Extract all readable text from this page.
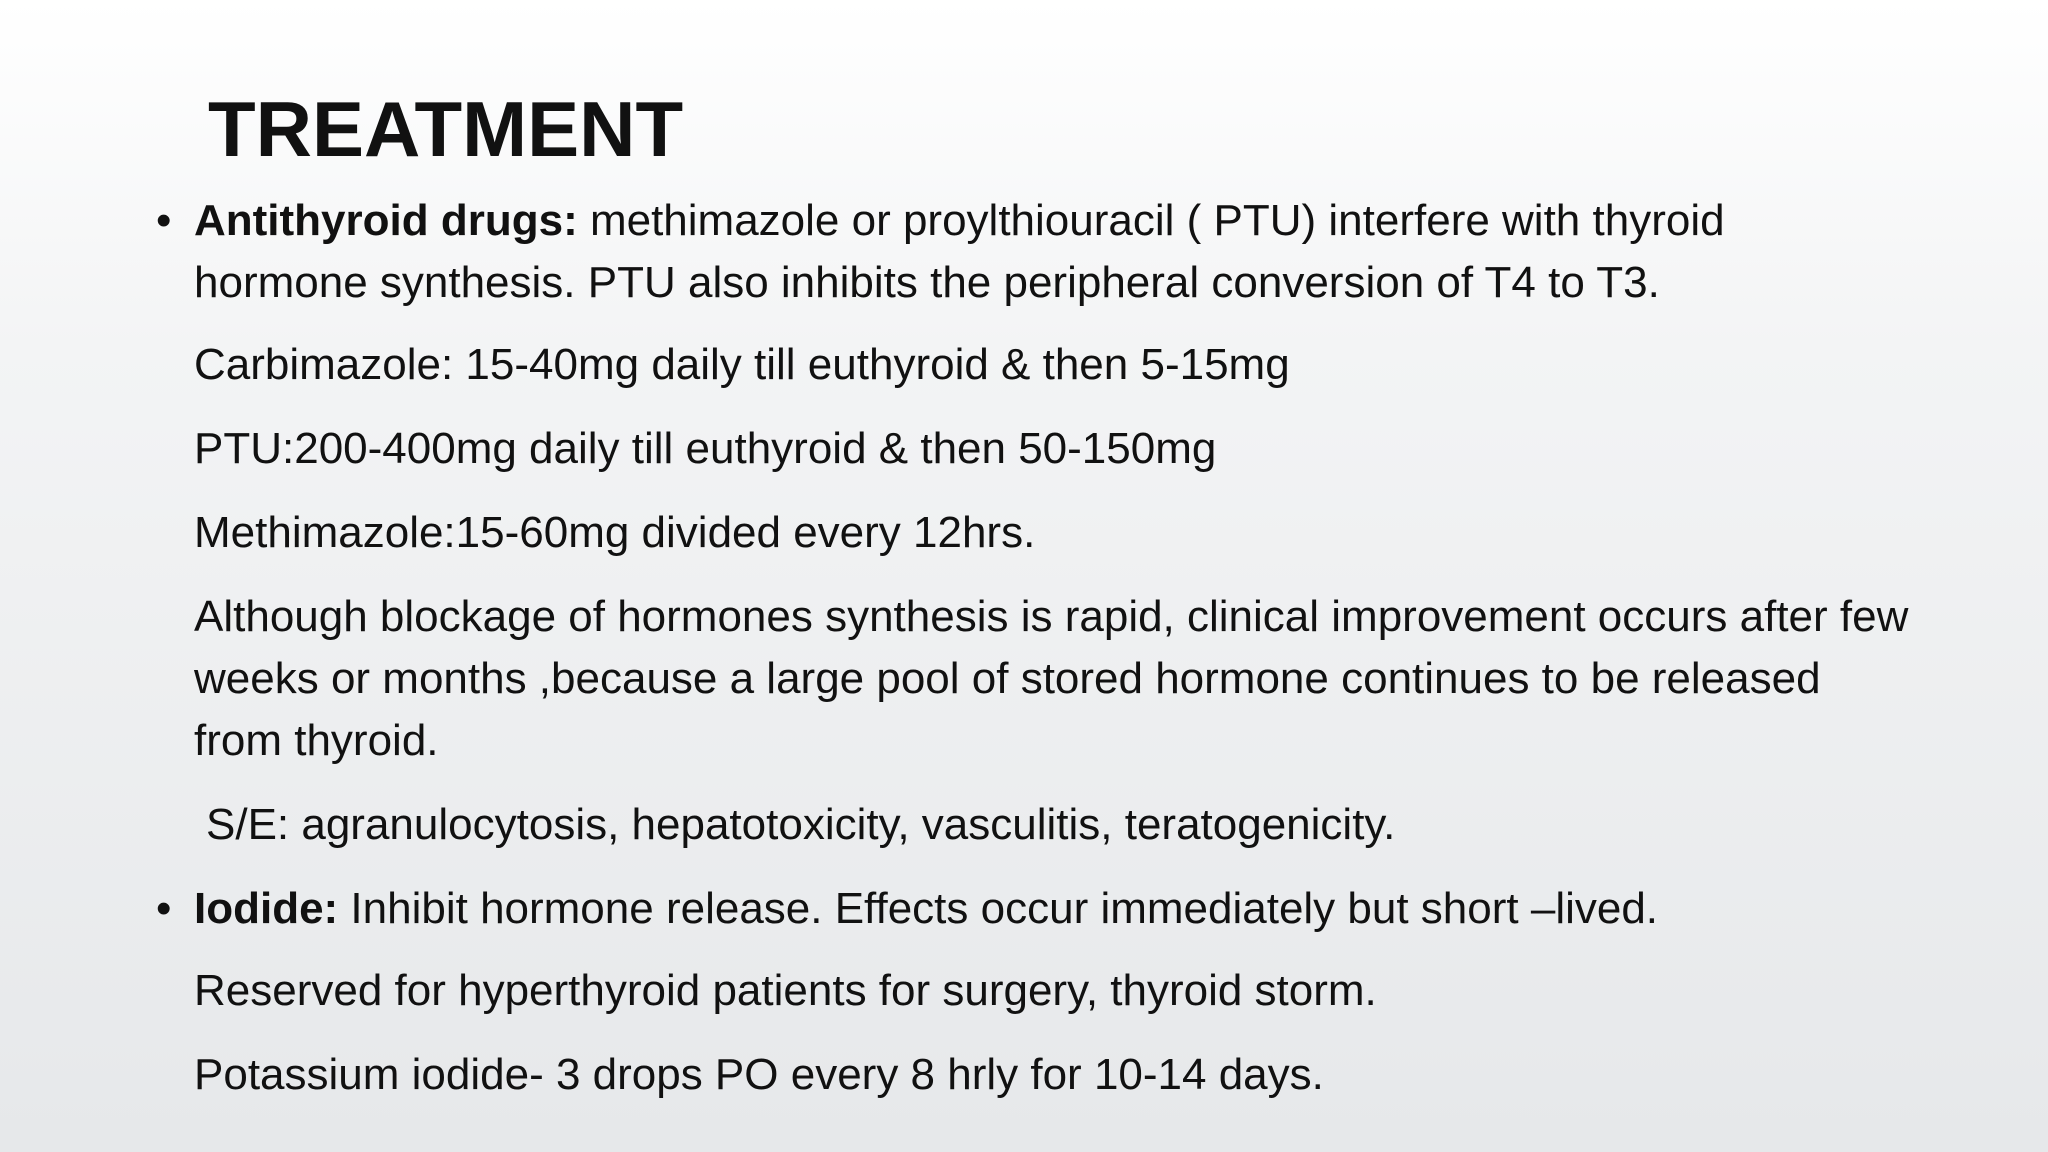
TREATMENT

• Antithyroid drugs: methimazole or proylthiouracil ( PTU) interfere with thyroid hormone synthesis. PTU also inhibits the peripheral conversion of T4 to T3.

Carbimazole: 15-40mg daily till euthyroid & then 5-15mg
PTU:200-400mg daily till euthyroid & then 50-150mg
Methimazole:15-60mg divided every 12hrs.
Although blockage of hormones synthesis is rapid, clinical improvement occurs after few weeks or months ,because a large pool of stored hormone continues to be released from thyroid.
S/E: agranulocytosis, hepatotoxicity, vasculitis, teratogenicity.

• Iodide: Inhibit hormone release. Effects occur immediately but short –lived.

Reserved for hyperthyroid patients for surgery, thyroid storm.
Potassium iodide- 3 drops PO every 8 hrly for 10-14 days.
